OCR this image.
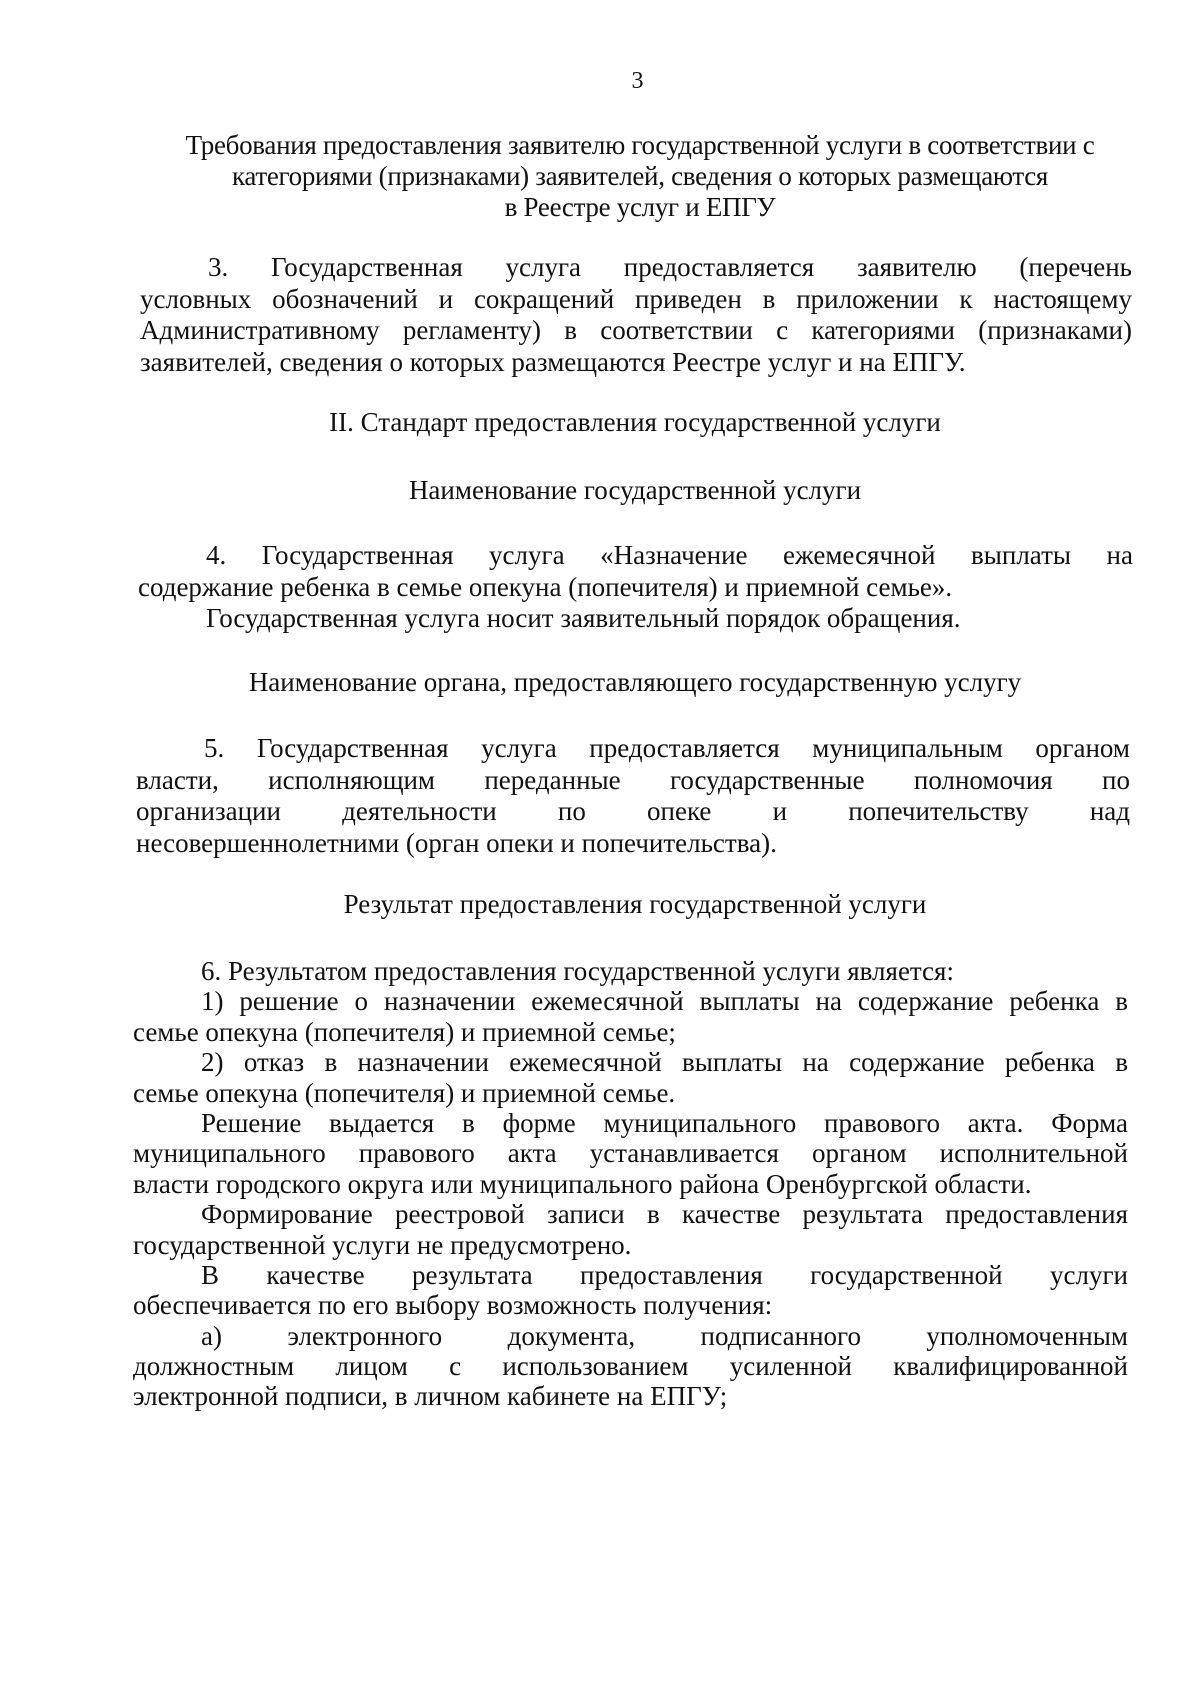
3
Требования предоставления заявителю государственной услуги в соответствии с
категориями (признаками) заявителей, сведения о которых размещаются
в Реестре услуг и ЕПГУ
3. Государственная услуга предоставляется заявителю (перечень
условных обозначений и сокращений приведен в приложении к настоящему
Административному регламенту) в соответствии с категориями (признаками)
заявителей, сведения о которых размещаются Реестре услуг и на ЕПГУ.
II. Стандарт предоставления государственной услуги
Наименование государственной услуги
4. Государственная услуга «Назначение ежемесячной выплаты на
содержание ребенка в семье опекуна (попечителя) и приемной семье».
Государственная услуга носит заявительный порядок обращения.
Наименование органа, предоставляющего государственную услугу
5. Государственная услуга предоставляется муниципальным органом
власти, исполняющим переданные государственные полномочия по
организации деятельности по опеке и попечительству над
несовершеннолетними (орган опеки и попечительства).
Результат предоставления государственной услуги
6. Результатом предоставления государственной услуги является:
1) решение о назначении ежемесячной выплаты на содержание ребенка в
семье опекуна (попечителя) и приемной семье;
2) отказ в назначении ежемесячной выплаты на содержание ребенка в
семье опекуна (попечителя) и приемной семье.
Решение выдается в форме муниципального правового акта. Форма
муниципального правового акта устанавливается органом исполнительной
власти городского округа или муниципального района Оренбургской области.
Формирование реестровой записи в качестве результата предоставления
государственной услуги не предусмотрено.
В качестве результата предоставления государственной услуги
обеспечивается по его выбору возможность получения:
а) электронного документа, подписанного уполномоченным
должностным лицом с использованием усиленной квалифицированной
электронной подписи, в личном кабинете на ЕПГУ;
